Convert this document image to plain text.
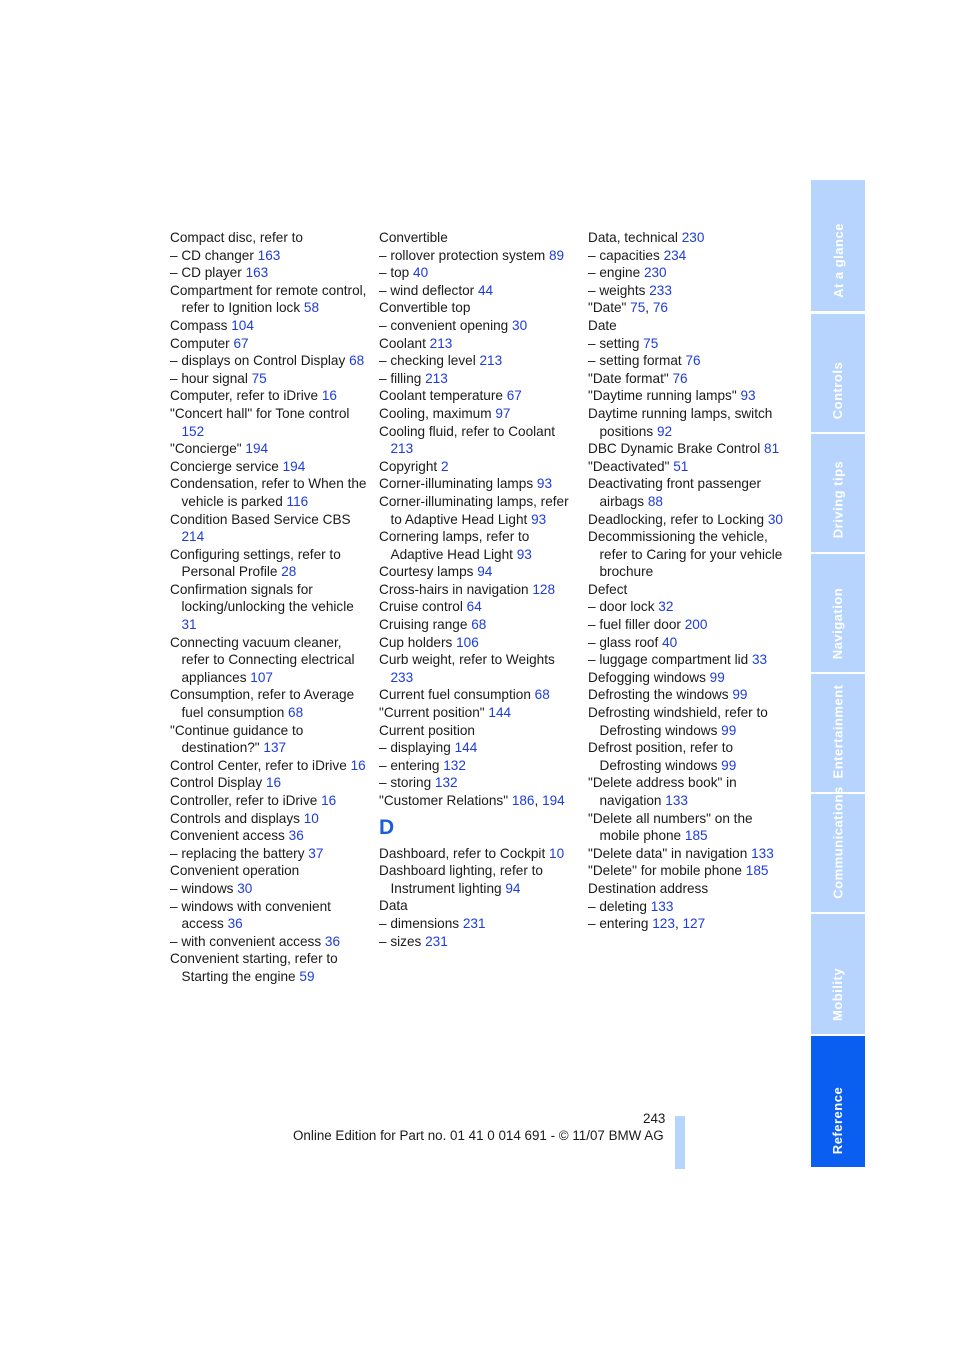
Compact disc, refer to
– CD changer 163
– CD player 163
Compartment for remote control, refer to Ignition lock 58
Compass 104
Computer 67
– displays on Control Display 68
– hour signal 75
Computer, refer to iDrive 16
"Concert hall" for Tone control 152
"Concierge" 194
Concierge service 194
Condensation, refer to When the vehicle is parked 116
Condition Based Service CBS 214
Configuring settings, refer to Personal Profile 28
Confirmation signals for locking/unlocking the vehicle 31
Connecting vacuum cleaner, refer to Connecting electrical appliances 107
Consumption, refer to Average fuel consumption 68
"Continue guidance to destination?" 137
Control Center, refer to iDrive 16
Control Display 16
Controller, refer to iDrive 16
Controls and displays 10
Convenient access 36
– replacing the battery 37
Convenient operation
– windows 30
– windows with convenient access 36
– with convenient access 36
Convenient starting, refer to Starting the engine 59
Convertible
– rollover protection system 89
– top 40
– wind deflector 44
Convertible top
– convenient opening 30
Coolant 213
– checking level 213
– filling 213
Coolant temperature 67
Cooling, maximum 97
Cooling fluid, refer to Coolant 213
Copyright 2
Corner-illuminating lamps 93
Corner-illuminating lamps, refer to Adaptive Head Light 93
Cornering lamps, refer to Adaptive Head Light 93
Courtesy lamps 94
Cross-hairs in navigation 128
Cruise control 64
Cruising range 68
Cup holders 106
Curb weight, refer to Weights 233
Current fuel consumption 68
"Current position" 144
Current position
– displaying 144
– entering 132
– storing 132
"Customer Relations" 186, 194
D
Dashboard, refer to Cockpit 10
Dashboard lighting, refer to Instrument lighting 94
Data
– dimensions 231
– sizes 231
Data, technical 230
– capacities 234
– engine 230
– weights 233
"Date" 75, 76
Date
– setting 75
– setting format 76
"Date format" 76
"Daytime running lamps" 93
Daytime running lamps, switch positions 92
DBC Dynamic Brake Control 81
"Deactivated" 51
Deactivating front passenger airbags 88
Deadlocking, refer to Locking 30
Decommissioning the vehicle, refer to Caring for your vehicle brochure
Defect
– door lock 32
– fuel filler door 200
– glass roof 40
– luggage compartment lid 33
Defogging windows 99
Defrosting the windows 99
Defrosting windshield, refer to Defrosting windows 99
Defrost position, refer to Defrosting windows 99
"Delete address book" in navigation 133
"Delete all numbers" on the mobile phone 185
"Delete data" in navigation 133
"Delete" for mobile phone 185
Destination address
– deleting 133
– entering 123, 127
At a glance
Controls
Driving tips
Navigation
Entertainment
Communications
Mobility
Reference
243
Online Edition for Part no. 01 41 0 014 691 - © 11/07 BMW AG
